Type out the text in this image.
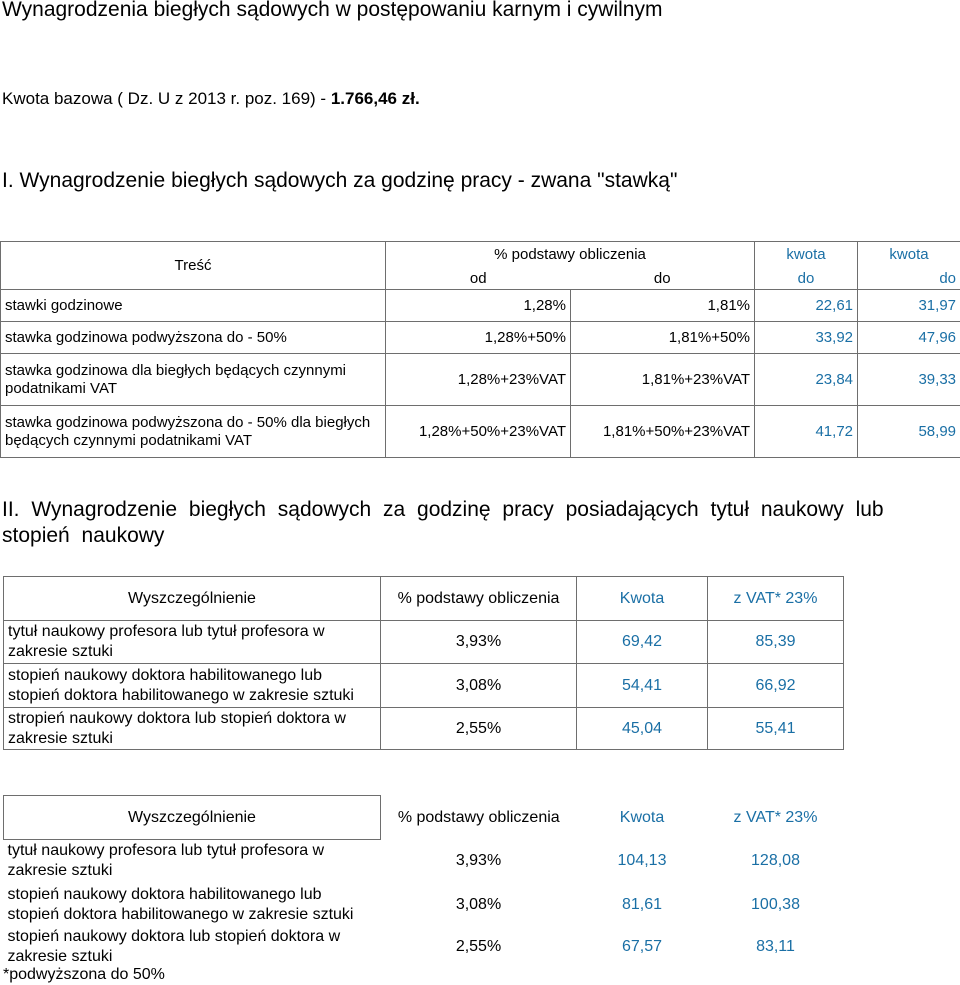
Wynagrodzenia biegłych sądowych w postępowaniu karnym i cywilnym
Kwota bazowa ( Dz. U z 2013 r. poz. 169) - 1.766,46 zł.
I. Wynagrodzenie biegłych sądowych za godzinę pracy - zwana "stawką"
Treść	% podstawy obliczenia		kwota	kwota
	od	do	do	do
stawki godzinowe	1,28%	1,81%	22,61	31,97
stawka godzinowa podwyższona do - 50%	1,28%+50%	1,81%+50%	33,92	47,96
stawka godzinowa dla biegłych będących czynnymi podatnikami VAT	1,28%+23%VAT	1,81%+23%VAT	23,84	39,33
stawka godzinowa podwyższona do - 50% dla biegłych będących czynnymi podatnikami VAT	1,28%+50%+23%VAT	1,81%+50%+23%VAT	41,72	58,99
II. Wynagrodzenie biegłych sądowych za godzinę pracy posiadających tytuł naukowy lub stopień naukowy
Wyszczególnienie	% podstawy obliczenia	Kwota	z VAT* 23%
tytuł naukowy profesora lub tytuł profesora w zakresie sztuki	3,93%	69,42	85,39
stopień naukowy doktora habilitowanego lub stopień doktora habilitowanego w zakresie sztuki	3,08%	54,41	66,92
stropień naukowy doktora lub stopień doktora w zakresie sztuki	2,55%	45,04	55,41
Wyszczególnienie	% podstawy obliczenia	Kwota	z VAT* 23%
tytuł naukowy profesora lub tytuł profesora w zakresie sztuki	3,93%	104,13	128,08
stopień naukowy doktora habilitowanego lub stopień doktora habilitowanego w zakresie sztuki	3,08%	81,61	100,38
stopień naukowy doktora lub stopień doktora w zakresie sztuki	2,55%	67,57	83,11
*podwyższona do 50%
